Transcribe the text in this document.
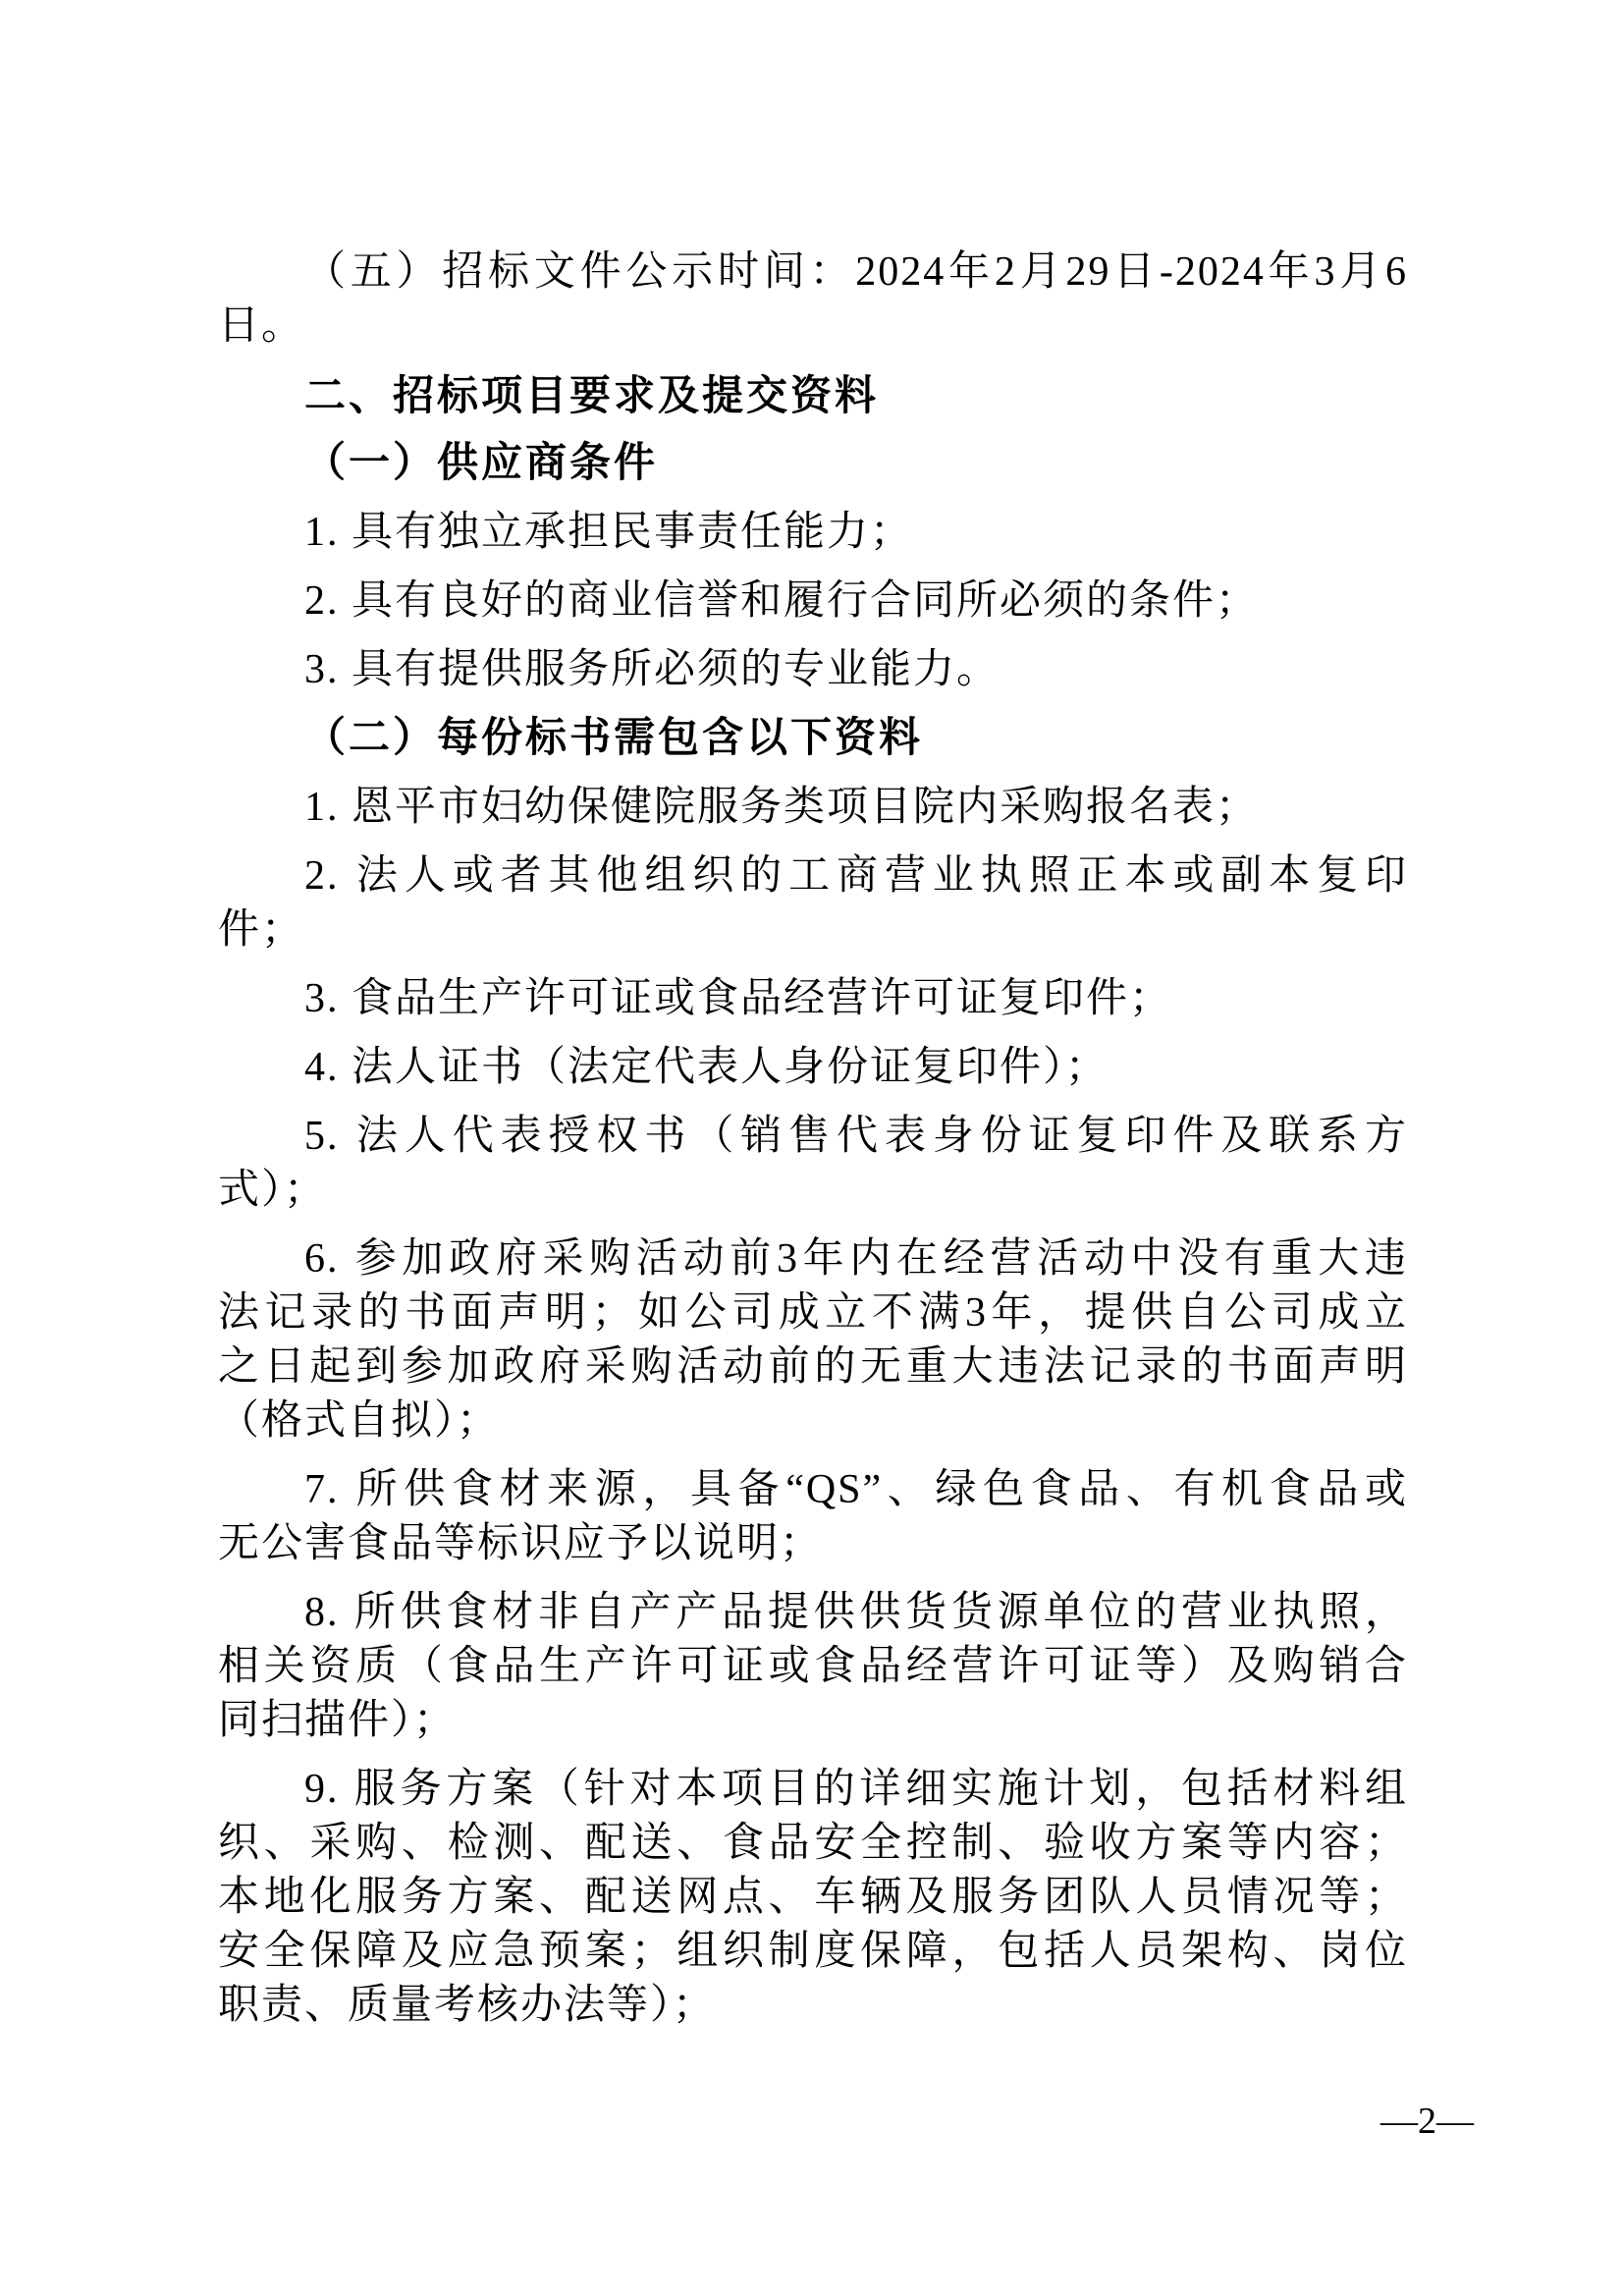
（五）招标文件公示时间：2024年2月29日-2024年3月6
日。
二、招标项目要求及提交资料
（一）供应商条件
1. 具有独立承担民事责任能力；
2. 具有良好的商业信誉和履行合同所必须的条件；
3. 具有提供服务所必须的专业能力。
（二）每份标书需包含以下资料
1. 恩平市妇幼保健院服务类项目院内采购报名表；
2. 法人或者其他组织的工商营业执照正本或副本复印
件；
3. 食品生产许可证或食品经营许可证复印件；
4. 法人证书（法定代表人身份证复印件）；
5. 法人代表授权书（销售代表身份证复印件及联系方
式）；
6. 参加政府采购活动前3年内在经营活动中没有重大违
法记录的书面声明；如公司成立不满3年，提供自公司成立
之日起到参加政府采购活动前的无重大违法记录的书面声明
（格式自拟）；
7. 所供食材来源，具备“QS”、绿色食品、有机食品或
无公害食品等标识应予以说明；
8. 所供食材非自产产品提供供货货源单位的营业执照，
相关资质（食品生产许可证或食品经营许可证等）及购销合
同扫描件）；
9. 服务方案（针对本项目的详细实施计划，包括材料组
织、采购、检测、配送、食品安全控制、验收方案等内容；
本地化服务方案、配送网点、车辆及服务团队人员情况等；
安全保障及应急预案；组织制度保障，包括人员架构、岗位
职责、质量考核办法等）；
—2—
